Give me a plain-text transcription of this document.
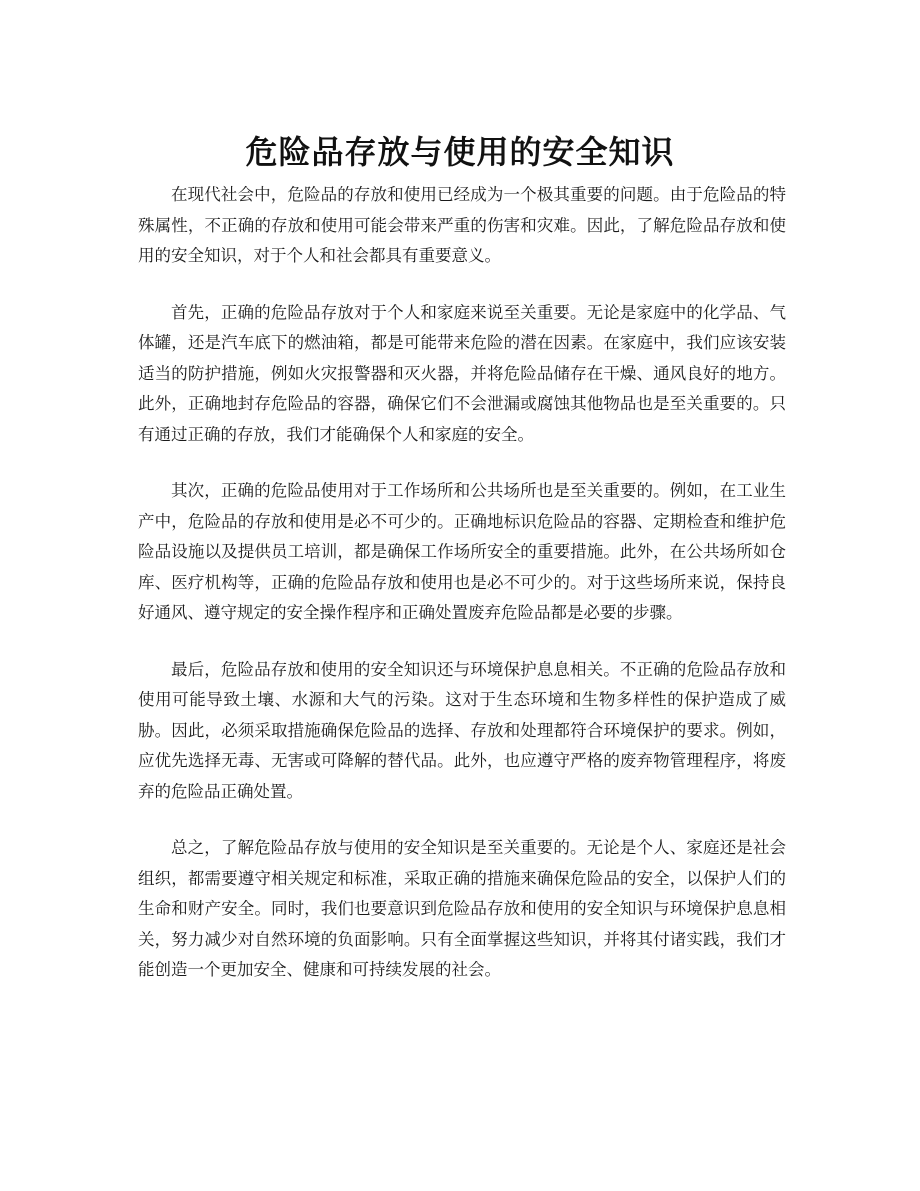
危险品存放与使用的安全知识

在现代社会中，危险品的存放和使用已经成为一个极其重要的问题。由于危险品的特殊属性，不正确的存放和使用可能会带来严重的伤害和灾难。因此，了解危险品存放和使用的安全知识，对于个人和社会都具有重要意义。

首先，正确的危险品存放对于个人和家庭来说至关重要。无论是家庭中的化学品、气体罐，还是汽车底下的燃油箱，都是可能带来危险的潜在因素。在家庭中，我们应该安装适当的防护措施，例如火灾报警器和灭火器，并将危险品储存在干燥、通风良好的地方。此外，正确地封存危险品的容器，确保它们不会泄漏或腐蚀其他物品也是至关重要的。只有通过正确的存放，我们才能确保个人和家庭的安全。

其次，正确的危险品使用对于工作场所和公共场所也是至关重要的。例如，在工业生产中，危险品的存放和使用是必不可少的。正确地标识危险品的容器、定期检查和维护危险品设施以及提供员工培训，都是确保工作场所安全的重要措施。此外，在公共场所如仓库、医疗机构等，正确的危险品存放和使用也是必不可少的。对于这些场所来说，保持良好通风、遵守规定的安全操作程序和正确处置废弃危险品都是必要的步骤。

最后，危险品存放和使用的安全知识还与环境保护息息相关。不正确的危险品存放和使用可能导致土壤、水源和大气的污染。这对于生态环境和生物多样性的保护造成了威胁。因此，必须采取措施确保危险品的选择、存放和处理都符合环境保护的要求。例如，应优先选择无毒、无害或可降解的替代品。此外，也应遵守严格的废弃物管理程序，将废弃的危险品正确处置。

总之，了解危险品存放与使用的安全知识是至关重要的。无论是个人、家庭还是社会组织，都需要遵守相关规定和标准，采取正确的措施来确保危险品的安全，以保护人们的生命和财产安全。同时，我们也要意识到危险品存放和使用的安全知识与环境保护息息相关，努力减少对自然环境的负面影响。只有全面掌握这些知识，并将其付诸实践，我们才能创造一个更加安全、健康和可持续发展的社会。
